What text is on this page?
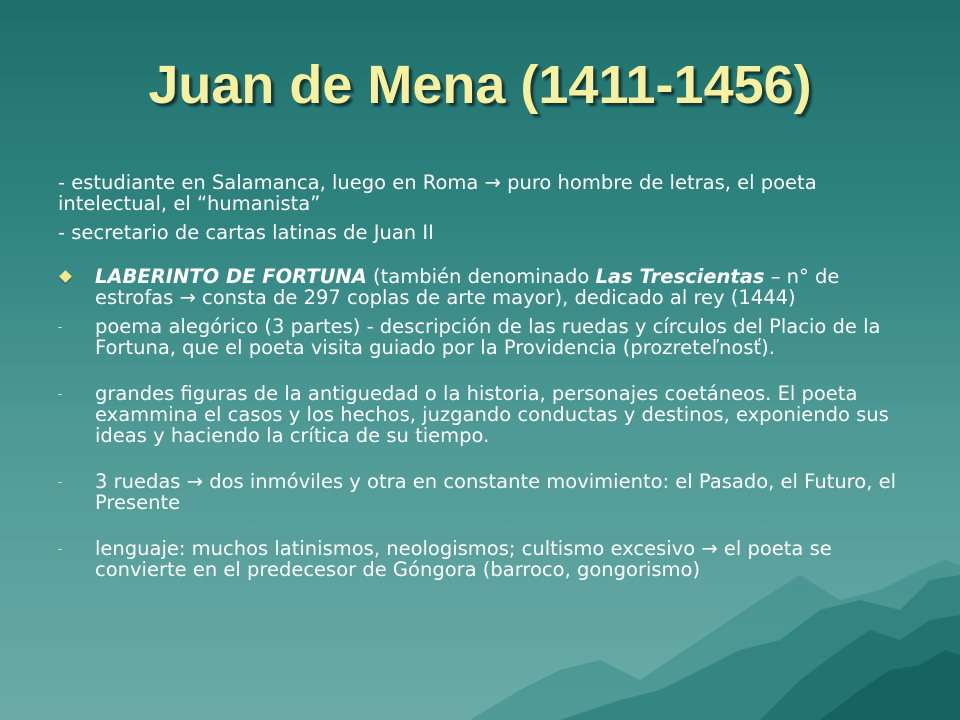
Juan de Mena (1411-1456)

- estudiante en Salamanca, luego en Roma → puro hombre de letras, el poeta intelectual, el “humanista”

- secretario de cartas latinas de Juan II

LABERINTO DE FORTUNA (también denominado Las Trescientas – n° de estrofas → consta de 297 coplas de arte mayor), dedicado al rey (1444)
- poema alegórico (3 partes) - descripción de las ruedas y círculos del Placio de la Fortuna, que el poeta visita guiado por la Providencia (prozreteľnosť).
- grandes figuras de la antiguedad o la historia, personajes coetáneos. El poeta exammina el casos y los hechos, juzgando conductas y destinos, exponiendo sus ideas y haciendo la crítica de su tiempo.
- 3 ruedas → dos inmóviles y otra en constante movimiento: el Pasado, el Futuro, el Presente
- lenguaje: muchos latinismos, neologismos; cultismo excesivo → el poeta se convierte en el predecesor de Góngora (barroco, gongorismo)
